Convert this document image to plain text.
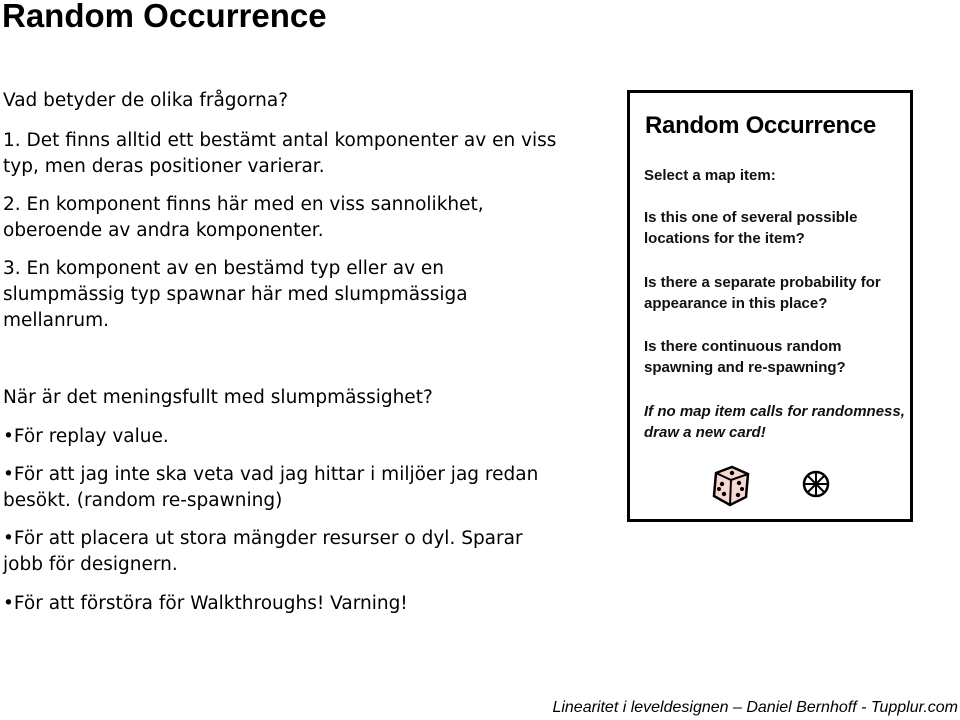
Random Occurrence
Vad betyder de olika frågorna?
1. Det finns alltid ett bestämt antal komponenter av en viss typ, men deras positioner varierar.
2. En komponent finns här med en viss sannolikhet, oberoende av andra komponenter.
3. En komponent av en bestämd typ eller av en slumpmässig typ spawnar här med slumpmässiga mellanrum.
När är det meningsfullt med slumpmässighet?
•För replay value.
•För att jag inte ska veta vad jag hittar i miljöer jag redan besökt. (random re-spawning)
•För att placera ut stora mängder resurser o dyl. Sparar jobb för designern.
•För att förstöra för Walkthroughs! Varning!
Random Occurrence
Select a map item:
Is this one of several possible locations for the item?
Is there a separate probability for appearance in this place?
Is there continuous random spawning and re-spawning?
If no map item calls for randomness, draw a new card!
Linearitet i leveldesignen – Daniel Bernhoff - Tupplur.com
